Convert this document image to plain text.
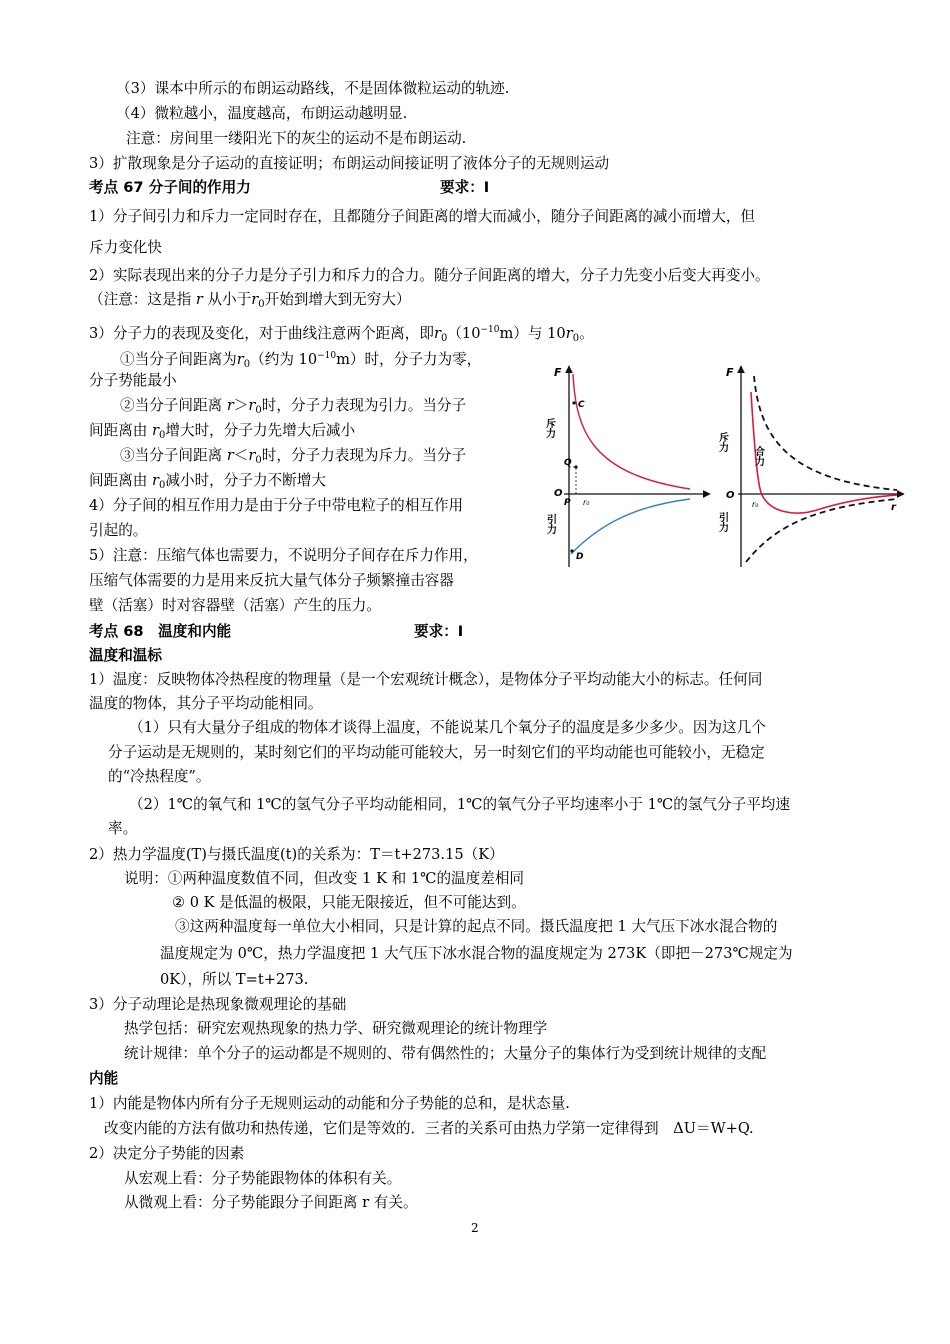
（3）课本中所示的布朗运动路线，不是固体微粒运动的轨迹.
（4）微粒越小，温度越高，布朗运动越明显.
注意：房间里一缕阳光下的灰尘的运动不是布朗运动.
3）扩散现象是分子运动的直接证明；布朗运动间接证明了液体分子的无规则运动
考点 67 分子间的作用力	要求：Ⅰ
1）分子间引力和斥力一定同时存在，且都随分子间距离的增大而减小，随分子间距离的减小而增大，但
斥力变化快
2）实际表现出来的分子力是分子引力和斥力的合力。随分子间距离的增大，分子力先变小后变大再变小。
（注意：这是指 r 从小于$r_0$开始到增大到无穷大）
3）分子力的表现及变化，对于曲线注意两个距离，即$r_0(10^{-10}m)$与 $10r_0$。
①当分子间距离为$r_0$（约为 $10^{-10}m$）时，分子力为零，
分子势能最小
②当分子间距离 $r>r_0$时，分子力表现为引力。当分子
间距离由 $r_0$增大时，分子力先增大后减小
③当分子间距离 $r<r_0$时，分子力表现为斥力。当分子
间距离由 $r_0$减小时，分子力不断增大
4）分子间的相互作用力是由于分子中带电粒子的相互作用
引起的。
5）注意：压缩气体也需要力，不说明分子间存在斥力作用，
压缩气体需要的力是用来反抗大量气体分子频繁撞击容器
壁（活塞）时对容器壁（活塞）产生的压力。
F
斥力
引力
O
C
Q
P r₀
D
F
斥力
合力
O
引力
r₀	r
考点 68　温度和内能	要求：Ⅰ
温度和温标
1）温度：反映物体冷热程度的物理量（是一个宏观统计概念），是物体分子平均动能大小的标志。任何同
温度的物体，其分子平均动能相同。
（1）只有大量分子组成的物体才谈得上温度，不能说某几个氧分子的温度是多少多少。因为这几个
分子运动是无规则的，某时刻它们的平均动能可能较大，另一时刻它们的平均动能也可能较小，无稳定
的“冷热程度”。
（2）1℃的氧气和 1℃的氢气分子平均动能相同，1℃的氧气分子平均速率小于 1℃的氢气分子平均速
率。
2）热力学温度(T)与摄氏温度(t)的关系为：T＝t+273.15（K）
说明：①两种温度数值不同，但改变 1 K 和 1℃的温度差相同
② 0 K 是低温的极限，只能无限接近，但不可能达到。
③这两种温度每一单位大小相同，只是计算的起点不同。摄氏温度把 1 大气压下冰水混合物的
温度规定为 0℃，热力学温度把 1 大气压下冰水混合物的温度规定为 273K（即把－273℃规定为
0K），所以 T=t+273.
3）分子动理论是热现象微观理论的基础
热学包括：研究宏观热现象的热力学、研究微观理论的统计物理学
统计规律：单个分子的运动都是不规则的、带有偶然性的；大量分子的集体行为受到统计规律的支配
内能
1）内能是物体内所有分子无规则运动的动能和分子势能的总和，是状态量.
改变内能的方法有做功和热传递，它们是等效的．三者的关系可由热力学第一定律得到　ΔU＝W+Q.
2）决定分子势能的因素
从宏观上看：分子势能跟物体的体积有关。
从微观上看：分子势能跟分子间距离 r 有关。
2
